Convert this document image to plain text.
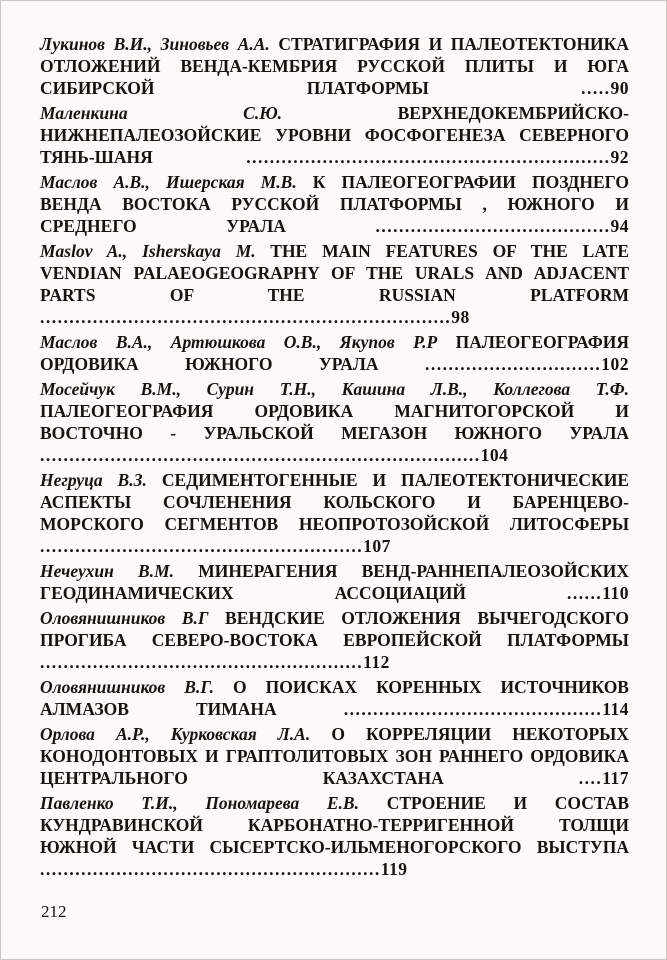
Лукинов В.И., Зиновьев А.А. СТРАТИГРАФИЯ И ПАЛЕОТЕКТОНИКА ОТЛОЖЕНИЙ ВЕНДА-КЕМБРИЯ РУССКОЙ ПЛИТЫ И ЮГА СИБИРСКОЙ ПЛАТФОРМЫ	.....90

Маленкина С.Ю.	ВЕРХНЕДОКЕМБРИЙСКО-НИЖНЕПАЛЕОЗОЙСКИЕ УРОВНИ ФОСФОГЕНЕЗА СЕВЕРНОГО ТЯНЬ-ШАНЯ	..............................................................92

Маслов А.В., Ишерская М.В. К ПАЛЕОГЕОГРАФИИ ПОЗДНЕГО ВЕНДА ВОСТОКА РУССКОЙ ПЛАТФОРМЫ , ЮЖНОГО И СРЕДНЕГО УРАЛА	........................................94

Maslov A., Isherskaya M. THE MAIN FEATURES OF THE LATE VENDIAN PALAEOGEOGRAPHY OF THE URALS AND ADJACENT PARTS OF THE RUSSIAN PLATFORM ......................................................................98

Маслов В.А., Артюшкова О.В., Якупов Р.Р ПАЛЕОГЕОГРАФИЯ ОРДОВИКА ЮЖНОГО УРАЛА	..............................102

Мосейчук В.М., Сурин Т.Н., Кашина Л.В., Коллегова Т.Ф. ПАЛЕОГЕОГРАФИЯ ОРДОВИКА МАГНИТОГОРСКОЙ И ВОСТОЧНО - УРАЛЬСКОЙ МЕГАЗОН ЮЖНОГО УРАЛА ...........................................................................104

Негруца В.З. СЕДИМЕНТОГЕННЫЕ И ПАЛЕОТЕКТОНИЧЕСКИЕ АСПЕКТЫ СОЧЛЕНЕНИЯ КОЛЬСКОГО И БАРЕНЦЕВО-МОРСКОГО СЕГМЕНТОВ НЕОПРОТОЗОЙСКОЙ ЛИТОСФЕРЫ .......................................................107

Нечеухин В.М. МИНЕРАГЕНИЯ ВЕНД-РАННЕПАЛЕОЗОЙСКИХ ГЕОДИНАМИЧЕСКИХ АССОЦИАЦИЙ	......110

Оловянишников В.Г ВЕНДСКИЕ ОТЛОЖЕНИЯ ВЫЧЕГОДСКОГО ПРОГИБА СЕВЕРО-ВОСТОКА ЕВРОПЕЙСКОЙ ПЛАТФОРМЫ .......................................................112

Оловянишников В.Г. О ПОИСКАХ КОРЕННЫХ ИСТОЧНИКОВ АЛМАЗОВ ТИМАНА	............................................114

Орлова А.Р., Курковская Л.А. О КОРРЕЛЯЦИИ НЕКОТОРЫХ КОНОДОНТОВЫХ И ГРАПТОЛИТОВЫХ ЗОН РАННЕГО ОРДОВИКА ЦЕНТРАЛЬНОГО КАЗАХСТАНА	....117

Павленко Т.И., Пономарева Е.В. СТРОЕНИЕ И СОСТАВ КУНДРАВИНСКОЙ КАРБОНАТНО-ТЕРРИГЕННОЙ ТОЛЩИ ЮЖНОЙ ЧАСТИ СЫСЕРТСКО-ИЛЬМЕНОГОРСКОГО ВЫСТУПА ..........................................................119

212
